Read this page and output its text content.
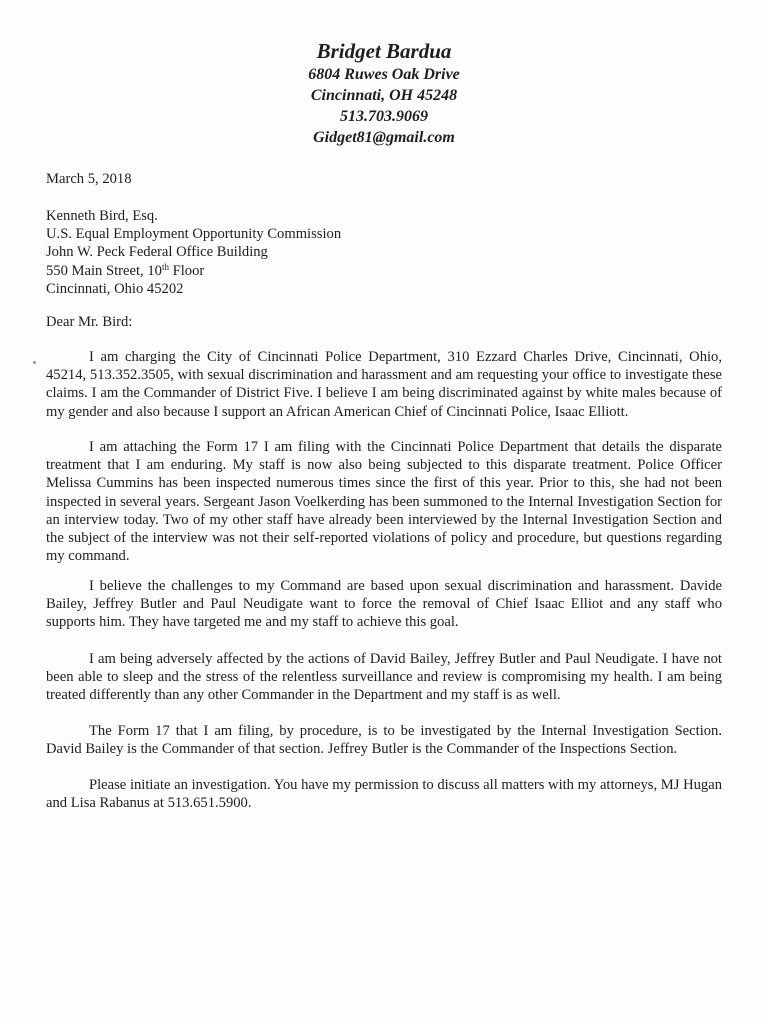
Bridget Bardua
6804 Ruwes Oak Drive
Cincinnati, OH 45248
513.703.9069
Gidget81@gmail.com
March 5, 2018
Kenneth Bird, Esq.
U.S. Equal Employment Opportunity Commission
John W. Peck Federal Office Building
550 Main Street, 10th Floor
Cincinnati, Ohio 45202
Dear Mr. Bird:
I am charging the City of Cincinnati Police Department, 310 Ezzard Charles Drive, Cincinnati, Ohio, 45214, 513.352.3505, with sexual discrimination and harassment and am requesting your office to investigate these claims. I am the Commander of District Five. I believe I am being discriminated against by white males because of my gender and also because I support an African American Chief of Cincinnati Police, Isaac Elliott.
I am attaching the Form 17 I am filing with the Cincinnati Police Department that details the disparate treatment that I am enduring. My staff is now also being subjected to this disparate treatment. Police Officer Melissa Cummins has been inspected numerous times since the first of this year. Prior to this, she had not been inspected in several years. Sergeant Jason Voelkerding has been summoned to the Internal Investigation Section for an interview today. Two of my other staff have already been interviewed by the Internal Investigation Section and the subject of the interview was not their self-reported violations of policy and procedure, but questions regarding my command.
I believe the challenges to my Command are based upon sexual discrimination and harassment. Davide Bailey, Jeffrey Butler and Paul Neudigate want to force the removal of Chief Isaac Elliot and any staff who supports him. They have targeted me and my staff to achieve this goal.
I am being adversely affected by the actions of David Bailey, Jeffrey Butler and Paul Neudigate. I have not been able to sleep and the stress of the relentless surveillance and review is compromising my health. I am being treated differently than any other Commander in the Department and my staff is as well.
The Form 17 that I am filing, by procedure, is to be investigated by the Internal Investigation Section. David Bailey is the Commander of that section. Jeffrey Butler is the Commander of the Inspections Section.
Please initiate an investigation. You have my permission to discuss all matters with my attorneys, MJ Hugan and Lisa Rabanus at 513.651.5900.
